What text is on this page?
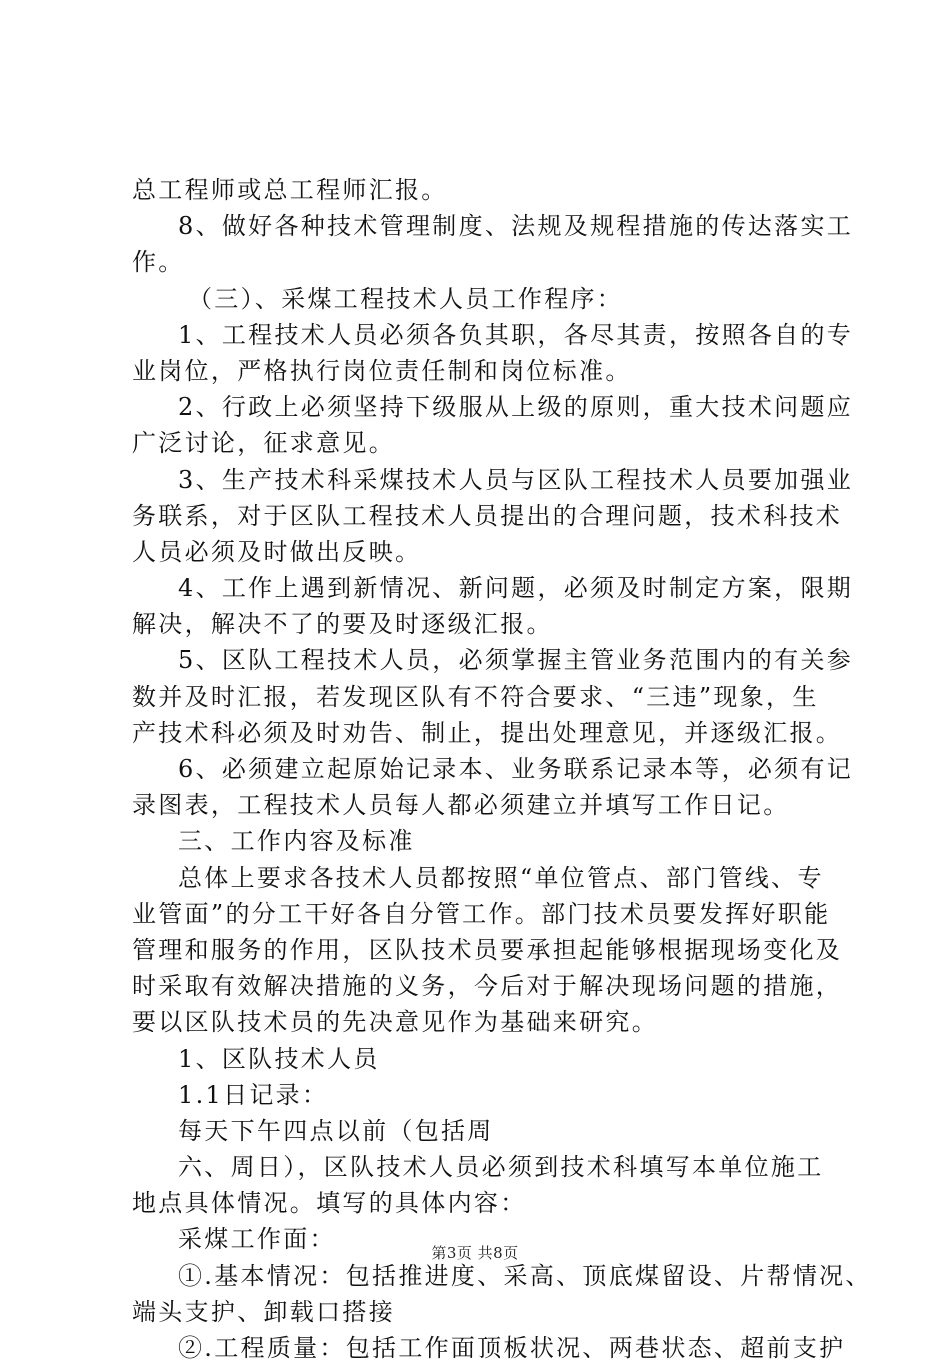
总工程师或总工程师汇报。
8、做好各种技术管理制度、法规及规程措施的传达落实工
作。
（三）、采煤工程技术人员工作程序：
1、工程技术人员必须各负其职，各尽其责，按照各自的专
业岗位，严格执行岗位责任制和岗位标准。
2、行政上必须坚持下级服从上级的原则，重大技术问题应
广泛讨论，征求意见。
3、生产技术科采煤技术人员与区队工程技术人员要加强业
务联系，对于区队工程技术人员提出的合理问题，技术科技术
人员必须及时做出反映。
4、工作上遇到新情况、新问题，必须及时制定方案，限期
解决，解决不了的要及时逐级汇报。
5、区队工程技术人员，必须掌握主管业务范围内的有关参
数并及时汇报，若发现区队有不符合要求、“三违”现象，生
产技术科必须及时劝告、制止，提出处理意见，并逐级汇报。
6、必须建立起原始记录本、业务联系记录本等，必须有记
录图表，工程技术人员每人都必须建立并填写工作日记。
三、工作内容及标准
总体上要求各技术人员都按照“单位管点、部门管线、专
业管面”的分工干好各自分管工作。部门技术员要发挥好职能
管理和服务的作用，区队技术员要承担起能够根据现场变化及
时采取有效解决措施的义务，今后对于解决现场问题的措施，
要以区队技术员的先决意见作为基础来研究。
1、区队技术人员
1.1日记录：
每天下午四点以前（包括周
六、周日），区队技术人员必须到技术科填写本单位施工
地点具体情况。填写的具体内容：
采煤工作面：
①.基本情况：包括推进度、采高、顶底煤留设、片帮情况、
端头支护、卸载口搭接
②.工程质量：包括工作面顶板状况、两巷状态、超前支护
第3页 共8页
